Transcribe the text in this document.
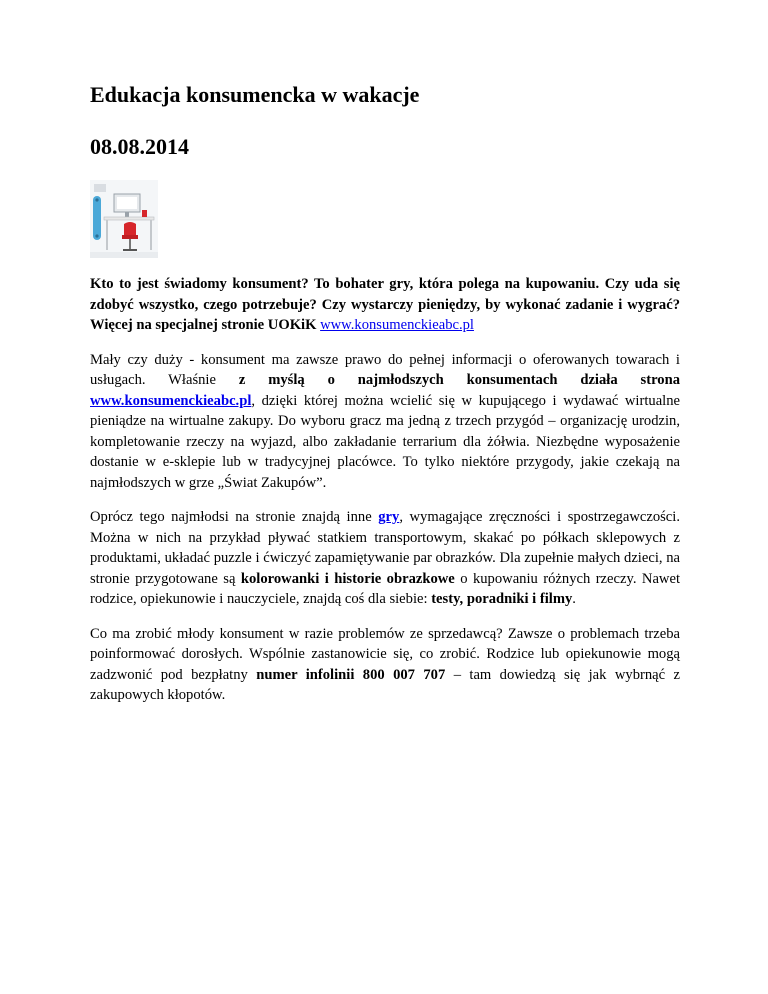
Edukacja konsumencka w wakacje
08.08.2014

Kto to jest świadomy konsument? To bohater gry, która polega na kupowaniu. Czy uda się zdobyć wszystko, czego potrzebuje? Czy wystarczy pieniędzy, by wykonać zadanie i wygrać? Więcej na specjalnej stronie UOKiK www.konsumenckieabc.pl

Mały czy duży - konsument ma zawsze prawo do pełnej informacji o oferowanych towarach i usługach. Właśnie z myślą o najmłodszych konsumentach działa strona www.konsumenckieabc.pl, dzięki której można wcielić się w kupującego i wydawać wirtualne pieniądze na wirtualne zakupy. Do wyboru gracz ma jedną z trzech przygód – organizację urodzin, kompletowanie rzeczy na wyjazd, albo zakładanie terrarium dla żółwia. Niezbędne wyposażenie dostanie w e-sklepie lub w tradycyjnej placówce. To tylko niektóre przygody, jakie czekają na najmłodszych w grze „Świat Zakupów”.

Oprócz tego najmłodsi na stronie znajdą inne gry, wymagające zręczności i spostrzegawczości. Można w nich na przykład pływać statkiem transportowym, skakać po półkach sklepowych z produktami, układać puzzle i ćwiczyć zapamiętywanie par obrazków. Dla zupełnie małych dzieci, na stronie przygotowane są kolorowanki i historie obrazkowe o kupowaniu różnych rzeczy. Nawet rodzice, opiekunowie i nauczyciele, znajdą coś dla siebie: testy, poradniki i filmy.

Co ma zrobić młody konsument w razie problemów ze sprzedawcą? Zawsze o problemach trzeba poinformować dorosłych. Wspólnie zastanowicie się, co zrobić. Rodzice lub opiekunowie mogą zadzwonić pod bezpłatny numer infolinii 800 007 707 – tam dowiedzą się jak wybrnąć z zakupowych kłopotów.
